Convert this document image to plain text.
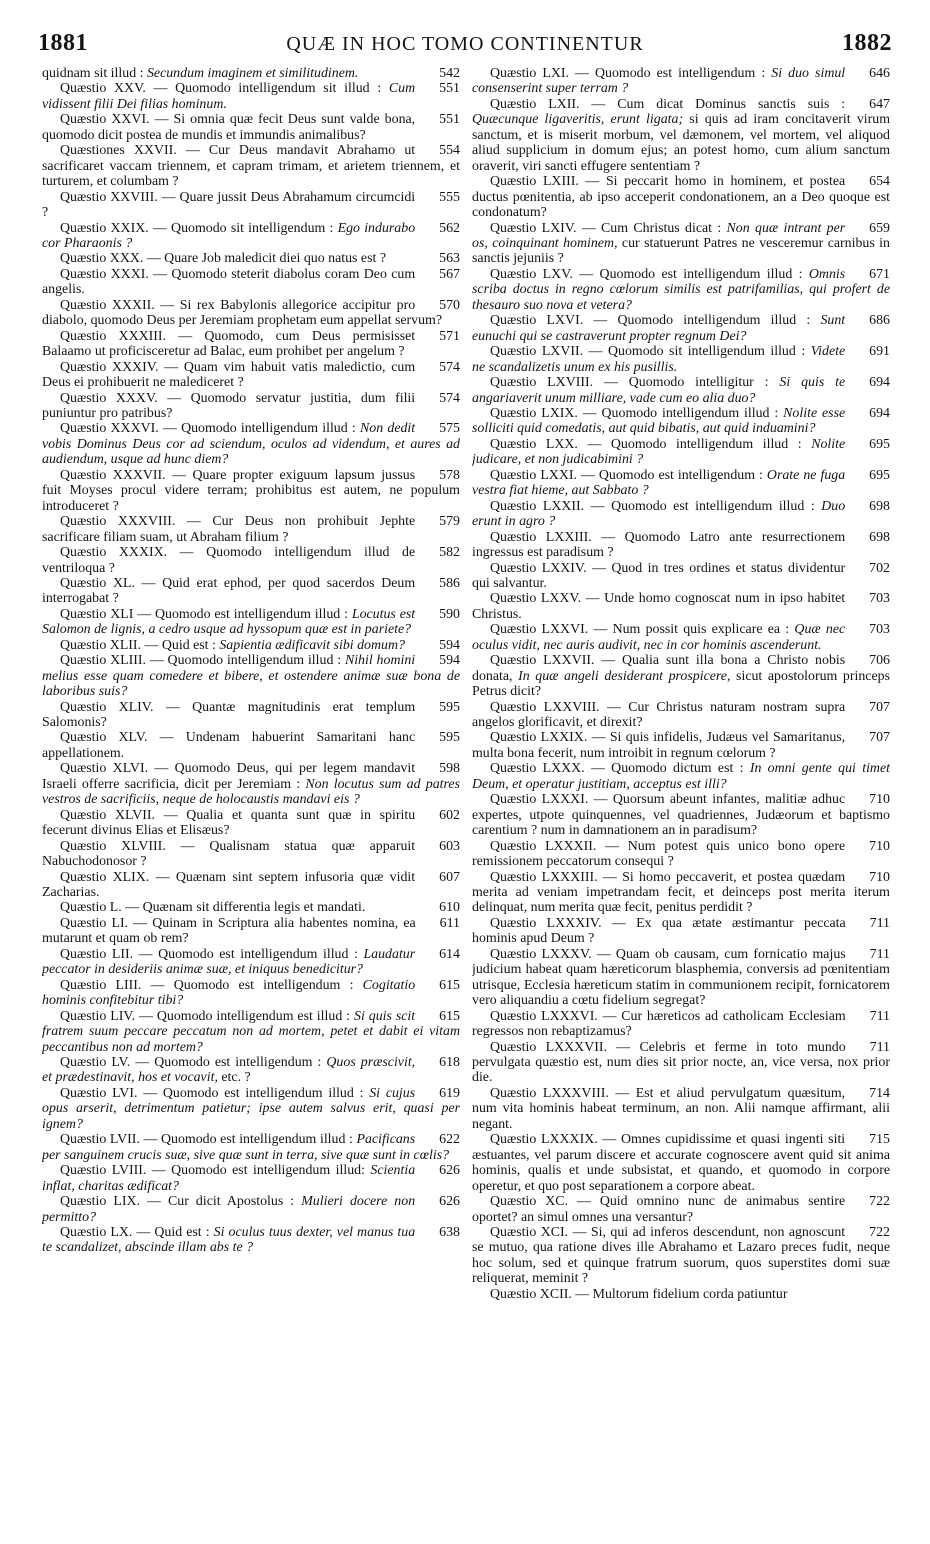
1881	QUÆ IN HOC TOMO CONTINENTUR	1882

542
quidnam sit illud : Secundum imaginem et similitudinem.

551
Quæstio XXV. — Quomodo intelligendum sit illud : Cum vidissent filii Dei filias hominum.

551
Quæstio XXVI. — Si omnia quæ fecit Deus sunt valde bona, quomodo dicit postea de mundis et immundis animalibus?

554
Quæstiones XXVII. — Cur Deus mandavit Abrahamo ut sacrificaret vaccam triennem, et capram trimam, et arietem triennem, et turturem, et columbam ?

555
Quæstio XXVIII. — Quare jussit Deus Abrahamum circumcidi ?

562
Quæstio XXIX. — Quomodo sit intelligendum : Ego indurabo cor Pharaonis ?

563
Quæstio XXX. — Quare Job maledicit diei quo natus est ?

567
Quæstio XXXI. — Quomodo steterit diabolus coram Deo cum angelis.

570
Quæstio XXXII. — Si rex Babylonis allegorice accipitur pro diabolo, quomodo Deus per Jeremiam prophetam eum appellat servum?

571
Quæstio XXXIII. — Quomodo, cum Deus permisisset Balaamo ut proficisceretur ad Balac, eum prohibet per angelum ?

574
Quæstio XXXIV. — Quam vim habuit vatis maledictio, cum Deus ei prohibuerit ne malediceret ?

574
Quæstio XXXV. — Quomodo servatur justitia, dum filii puniuntur pro patribus?

575
Quæstio XXXVI. — Quomodo intelligendum illud : Non dedit vobis Dominus Deus cor ad sciendum, oculos ad videndum, et aures ad audiendum, usque ad hunc diem?

578
Quæstio XXXVII. — Quare propter exiguum lapsum jussus fuit Moyses procul videre terram; prohibitus est autem, ne populum introduceret ?

579
Quæstio XXXVIII. — Cur Deus non prohibuit Jephte sacrificare filiam suam, ut Abraham filium ?

582
Quæstio XXXIX. — Quomodo intelligendum illud de ventriloqua ?

586
Quæstio XL. — Quid erat ephod, per quod sacerdos Deum interrogabat ?

590
Quæstio XLI — Quomodo est intelligendum illud : Locutus est Salomon de lignis, a cedro usque ad hyssopum quæ est in pariete?

594
Quæstio XLII. — Quid est : Sapientia ædificavit sibi domum?

594
Quæstio XLIII. — Quomodo intelligendum illud : Nihil homini melius esse quam comedere et bibere, et ostendere animæ suæ bona de laboribus suis?

595
Quæstio XLIV. — Quantæ magnitudinis erat templum Salomonis?

595
Quæstio XLV. — Undenam habuerint Samaritani hanc appellationem.

598
Quæstio XLVI. — Quomodo Deus, qui per legem mandavit Israeli offerre sacrificia, dicit per Jeremiam : Non locutus sum ad patres vestros de sacrificiis, neque de holocaustis mandavi eis ?

602
Quæstio XLVII. — Qualia et quanta sunt quæ in spiritu fecerunt divinus Elias et Elisæus?

603
Quæstio XLVIII. — Qualisnam statua quæ apparuit Nabuchodonosor ?

607
Quæstio XLIX. — Quænam sint septem infusoria quæ vidit Zacharias.

610
Quæstio L. — Quænam sit differentia legis et mandati.

611
Quæstio LI. — Quinam in Scriptura alia habentes nomina, ea mutarunt et quam ob rem?

614
Quæstio LII. — Quomodo est intelligendum illud : Laudatur peccator in desideriis animæ suæ, et iniquus benedicitur?

615
Quæstio LIII. — Quomodo est intelligendum : Cogitatio hominis confitebitur tibi?

615
Quæstio LIV. — Quomodo intelligendum est illud : Si quis scit fratrem suum peccare peccatum non ad mortem, petet et dabit ei vitam peccantibus non ad mortem?

618
Quæstio LV. — Quomodo est intelligendum : Quos præscivit, et prædestinavit, hos et vocavit, etc. ?

619
Quæstio LVI. — Quomodo est intelligendum illud : Si cujus opus arserit, detrimentum patietur; ipse autem salvus erit, quasi per ignem?

622
Quæstio LVII. — Quomodo est intelligendum illud : Pacificans per sanguinem crucis suæ, sive quæ sunt in terra, sive quæ sunt in cœlis?

626
Quæstio LVIII. — Quomodo est intelligendum illud: Scientia inflat, charitas ædificat?

626
Quæstio LIX. — Cur dicit Apostolus : Mulieri docere non permitto?

638
Quæstio LX. — Quid est : Si oculus tuus dexter, vel manus tua te scandalizet, abscinde illam abs te ?

646
Quæstio LXI. — Quomodo est intelligendum : Si duo simul consenserint super terram ?

647
Quæstio LXII. — Cum dicat Dominus sanctis suis : Quæcunque ligaveritis, erunt ligata; si quis ad iram concitaverit virum sanctum, et is miserit morbum, vel dæmonem, vel mortem, vel aliquod aliud supplicium in domum ejus; an potest homo, cum alium sanctum oraverit, viri sancti effugere sententiam ?

654
Quæstio LXIII. — Si peccarit homo in hominem, et postea ductus pœnitentia, ab ipso acceperit condonationem, an a Deo quoque est condonatum?

659
Quæstio LXIV. — Cum Christus dicat : Non quæ intrant per os, coinquinant hominem, cur statuerunt Patres ne vesceremur carnibus in sanctis jejuniis ?

671
Quæstio LXV. — Quomodo est intelligendum illud : Omnis scriba doctus in regno cœlorum similis est patrifamilias, qui profert de thesauro suo nova et vetera?

686
Quæstio LXVI. — Quomodo intelligendum illud : Sunt eunuchi qui se castraverunt propter regnum Dei?

691
Quæstio LXVII. — Quomodo sit intelligendum illud : Videte ne scandalizetis unum ex his pusillis.

694
Quæstio LXVIII. — Quomodo intelligitur : Si quis te angariaverit unum milliare, vade cum eo alia duo?

694
Quæstio LXIX. — Quomodo intelligendum illud : Nolite esse solliciti quid comedatis, aut quid bibatis, aut quid induamini?

695
Quæstio LXX. — Quomodo intelligendum illud : Nolite judicare, et non judicabimini ?

695
Quæstio LXXI. — Quomodo est intelligendum : Orate ne fuga vestra fiat hieme, aut Sabbato ?

698
Quæstio LXXII. — Quomodo est intelligendum illud : Duo erunt in agro ?

698
Quæstio LXXIII. — Quomodo Latro ante resurrectionem ingressus est paradisum ?

702
Quæstio LXXIV. — Quod in tres ordines et status dividentur qui salvantur.

703
Quæstio LXXV. — Unde homo cognoscat num in ipso habitet Christus.

703
Quæstio LXXVI. — Num possit quis explicare ea : Quæ nec oculus vidit, nec auris audivit, nec in cor hominis ascenderunt.

706
Quæstio LXXVII. — Qualia sunt illa bona a Christo nobis donata, In quæ angeli desiderant prospicere, sicut apostolorum princeps Petrus dicit?

707
Quæstio LXXVIII. — Cur Christus naturam nostram supra angelos glorificavit, et direxit?

707
Quæstio LXXIX. — Si quis infidelis, Judæus vel Samaritanus, multa bona fecerit, num introibit in regnum cœlorum ?

Quæstio LXXX. — Quomodo dictum est : In omni gente qui timet Deum, et operatur justitiam, acceptus est illi?

710
Quæstio LXXXI. — Quorsum abeunt infantes, malitiæ adhuc expertes, utpote quinquennes, vel quadriennes, Judæorum et baptismo carentium ? num in damnationem an in paradisum?

710
Quæstio LXXXII. — Num potest quis unico bono opere remissionem peccatorum consequi ?

710
Quæstio LXXXIII. — Si homo peccaverit, et postea quædam merita ad veniam impetrandam fecit, et deinceps post merita iterum delinquat, num merita quæ fecit, penitus perdidit ?

711
Quæstio LXXXIV. — Ex qua ætate æstimantur peccata hominis apud Deum ?

711
Quæstio LXXXV. — Quam ob causam, cum fornicatio majus judicium habeat quam hæreticorum blasphemia, conversis ad pœnitentiam utrisque, Ecclesia hæreticum statim in communionem recipit, fornicatorem vero aliquandiu a cœtu fidelium segregat?

711
Quæstio LXXXVI. — Cur hæreticos ad catholicam Ecclesiam regressos non rebaptizamus?

711
Quæstio LXXXVII. — Celebris et ferme in toto mundo pervulgata quæstio est, num dies sit prior nocte, an, vice versa, nox prior die.

714
Quæstio LXXXVIII. — Est et aliud pervulgatum quæsitum, num vita hominis habeat terminum, an non. Alii namque affirmant, alii negant.

715
Quæstio LXXXIX. — Omnes cupidissime et quasi ingenti siti æstuantes, vel parum discere et accurate cognoscere avent quid sit anima hominis, qualis et unde subsistat, et quando, et quomodo in corpore operetur, et quo post separationem a corpore abeat.

722
Quæstio XC. — Quid omnino nunc de animabus sentire oportet? an simul omnes una versantur?

722
Quæstio XCI. — Si, qui ad inferos descendunt, non agnoscunt se mutuo, qua ratione dives ille Abrahamo et Lazaro preces fudit, neque hoc solum, sed et quinque fratrum suorum, quos superstites domi suæ reliquerat, meminit ?

Quæstio XCII. — Multorum fidelium corda patiuntur
